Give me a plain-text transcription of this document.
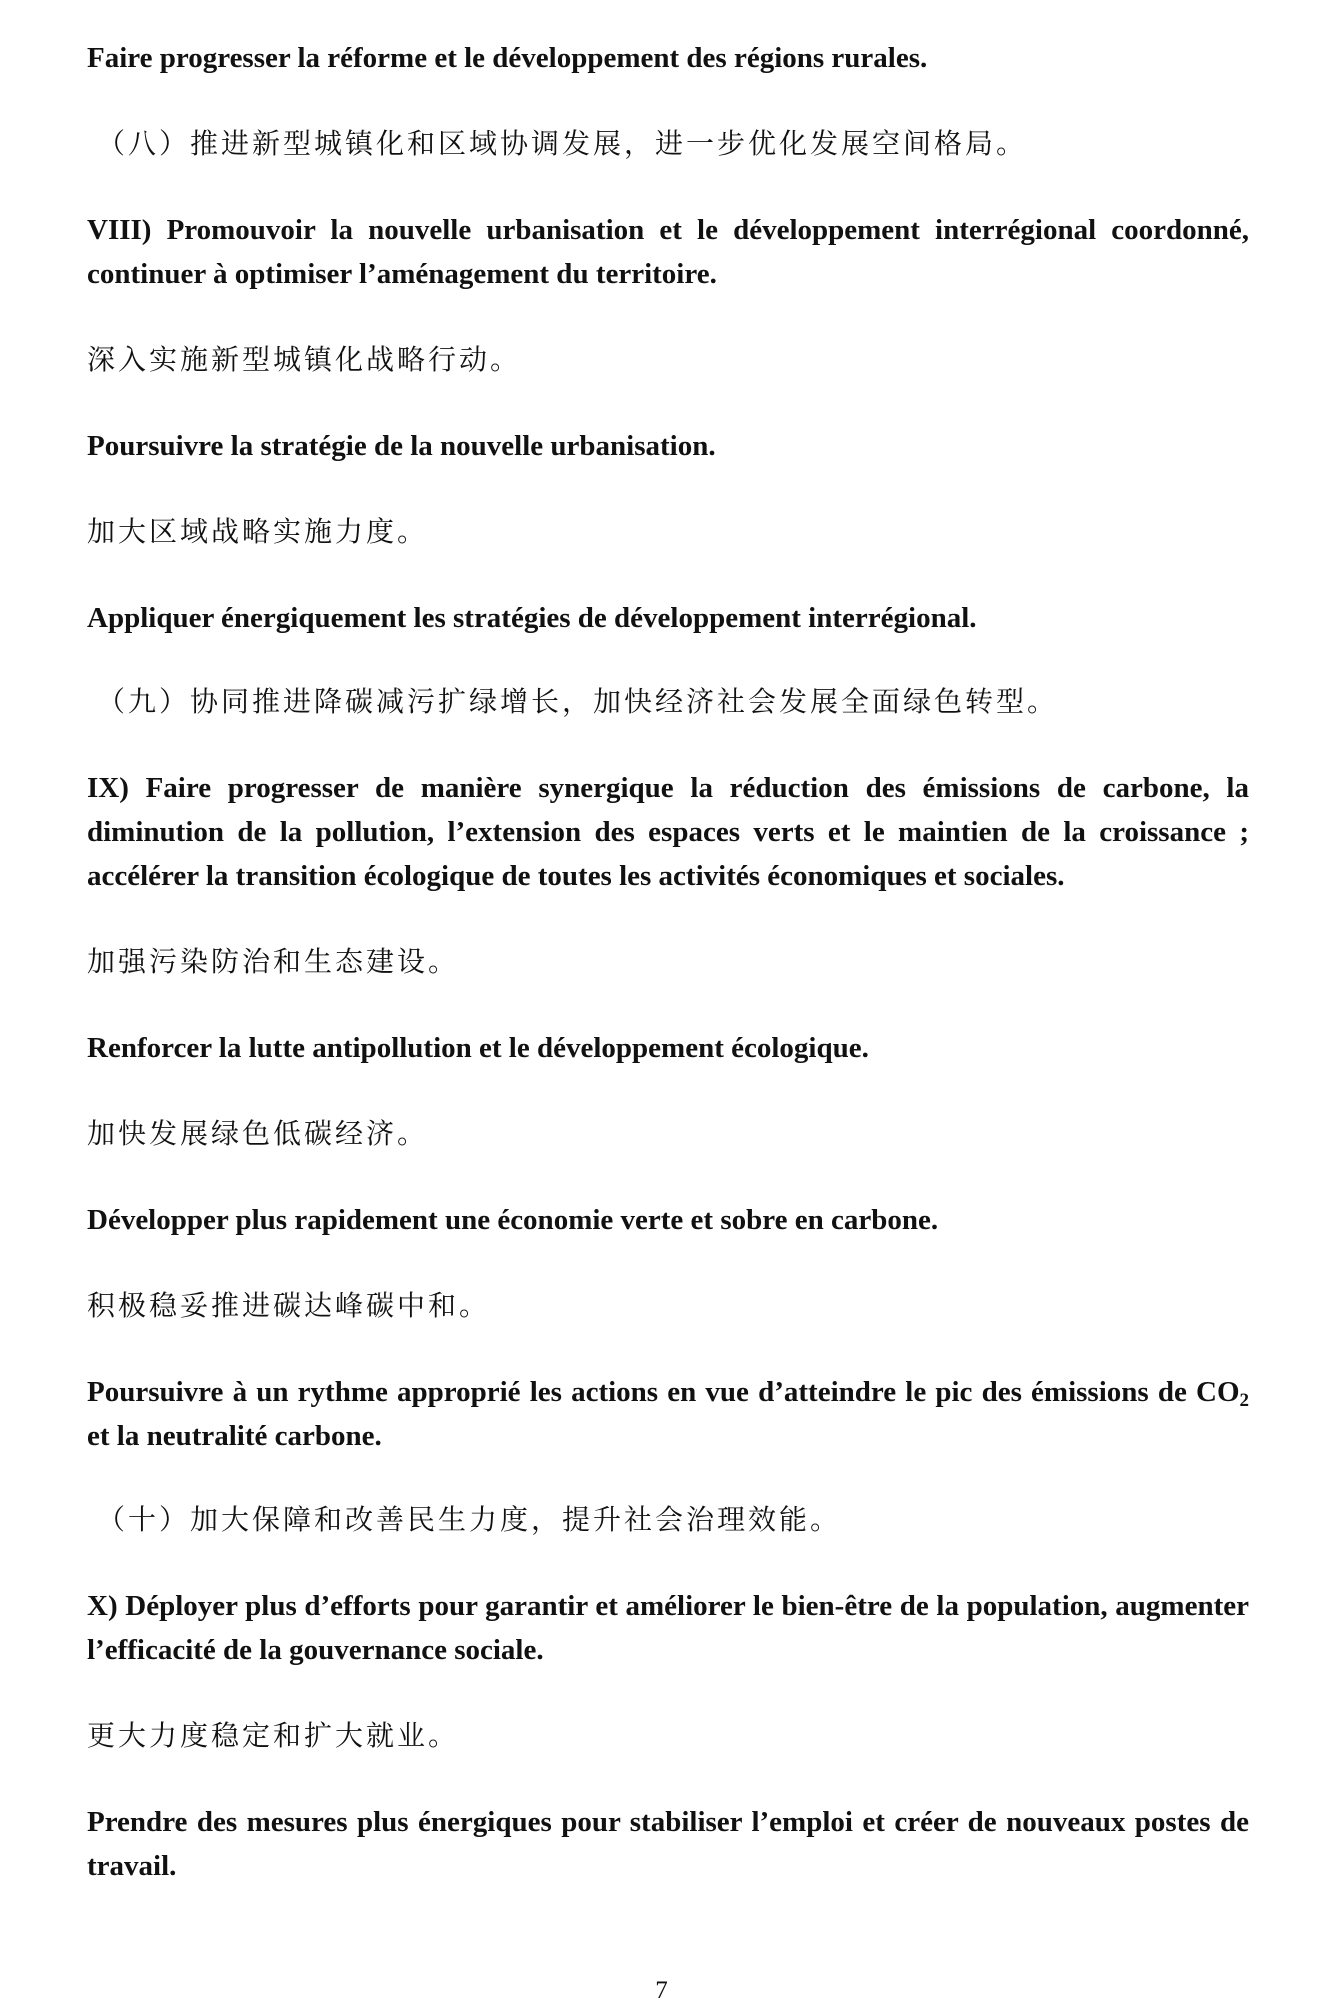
Faire progresser la réforme et le développement des régions rurales.

（八）推进新型城镇化和区域协调发展，进一步优化发展空间格局。

VIII) Promouvoir la nouvelle urbanisation et le développement interrégional coordonné, continuer à optimiser l’aménagement du territoire.

深入实施新型城镇化战略行动。

Poursuivre la stratégie de la nouvelle urbanisation.

加大区域战略实施力度。

Appliquer énergiquement les stratégies de développement interrégional.

（九）协同推进降碳减污扩绿增长，加快经济社会发展全面绿色转型。

IX) Faire progresser de manière synergique la réduction des émissions de carbone, la diminution de la pollution, l’extension des espaces verts et le maintien de la croissance ; accélérer la transition écologique de toutes les activités économiques et sociales.

加强污染防治和生态建设。

Renforcer la lutte antipollution et le développement écologique.

加快发展绿色低碳经济。

Développer plus rapidement une économie verte et sobre en carbone.

积极稳妥推进碳达峰碳中和。

Poursuivre à un rythme approprié les actions en vue d’atteindre le pic des émissions de $CO_2$ et la neutralité carbone.

（十）加大保障和改善民生力度，提升社会治理效能。

X) Déployer plus d’efforts pour garantir et améliorer le bien-être de la population, augmenter l’efficacité de la gouvernance sociale.

更大力度稳定和扩大就业。

Prendre des mesures plus énergiques pour stabiliser l’emploi et créer de nouveaux postes de travail.

7
